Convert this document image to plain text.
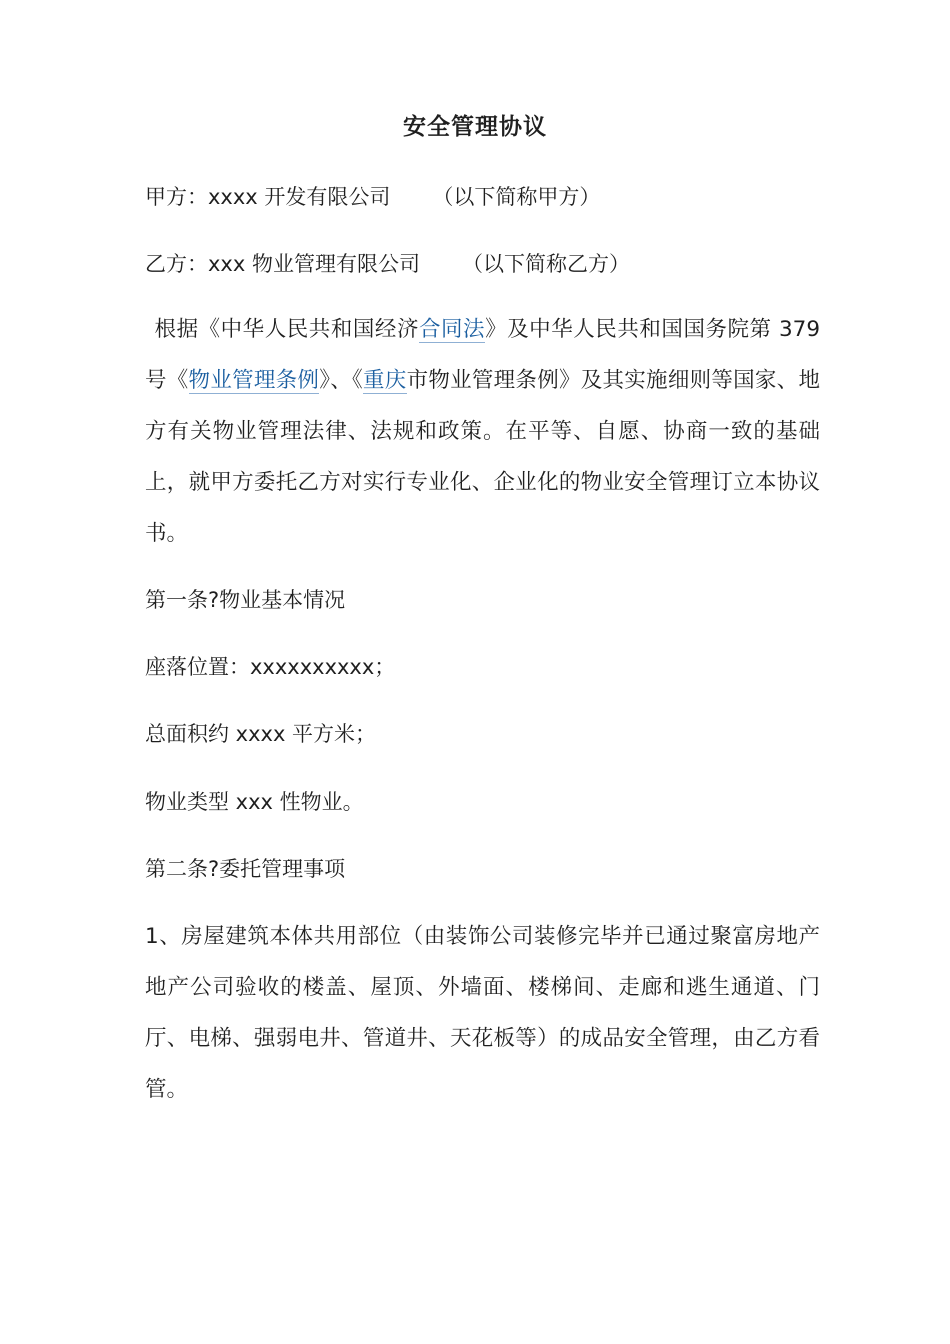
安全管理协议
甲方：xxxx 开发有限公司 （以下简称甲方）
乙方：xxx 物业管理有限公司 （以下简称乙方）
根据《中华人民共和国经济合同法》及中华人民共和国国务院第 379 号《物业管理条例》、《重庆市物业管理条例》及其实施细则等国家、地方有关物业管理法律、法规和政策。在平等、自愿、协商一致的基础上，就甲方委托乙方对实行专业化、企业化的物业安全管理订立本协议书。
第一条?物业基本情况
座落位置：xxxxxxxxxx；
总面积约 xxxx 平方米；
物业类型 xxx 性物业。
第二条?委托管理事项
1、房屋建筑本体共用部位（由装饰公司装修完毕并已通过聚富房地产地产公司验收的楼盖、屋顶、外墙面、楼梯间、走廊和逃生通道、门厅、电梯、强弱电井、管道井、天花板等）的成品安全管理，由乙方看管。
